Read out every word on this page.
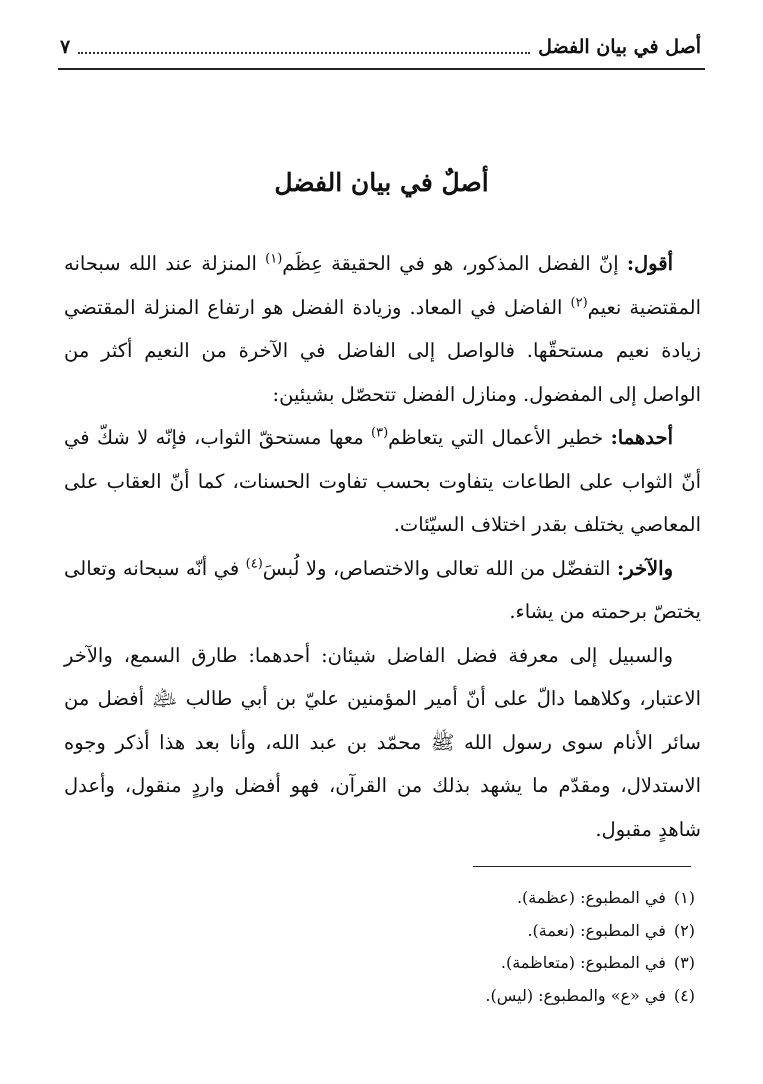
أصل في بيان الفضل
٧
أصلٌ في بيان الفضل

أقول: إنّ الفضل المذكور، هو في الحقيقة عِظَم$^{(١)}$ المنزلة عند الله سبحانه المقتضية نعيم$^{(٢)}$ الفاضل في المعاد. وزيادة الفضل هو ارتفاع المنزلة المقتضي زيادة نعيم مستحقّها. فالواصل إلى الفاضل في الآخرة من النعيم أكثر من الواصل إلى المفضول. ومنازل الفضل تتحصّل بشيئين:

أحدهما: خطير الأعمال التي يتعاظم$^{(٣)}$ معها مستحقّ الثواب، فإنّه لا شكّ في أنّ الثواب على الطاعات يتفاوت بحسب تفاوت الحسنات، كما أنّ العقاب على المعاصي يختلف بقدر اختلاف السيّئات.

والآخر: التفضّل من الله تعالى والاختصاص، ولا لُبسَ$^{(٤)}$ في أنّه سبحانه وتعالى يختصّ برحمته من يشاء.

والسبيل إلى معرفة فضل الفاضل شيئان: أحدهما: طارق السمع، والآخر الاعتبار، وكلاهما دالّ على أنّ أمير المؤمنين عليّ بن أبي طالب ﵇ أفضل من سائر الأنام سوى رسول الله ﷺ محمّد بن عبد الله، وأنا بعد هذا أذكر وجوه الاستدلال، ومقدّم ما يشهد بذلك من القرآن، فهو أفضل واردٍ منقول، وأعدل شاهدٍ مقبول.

(١)في المطبوع: (عظمة).
(٢)في المطبوع: (نعمة).
(٣)في المطبوع: (متعاظمة).
(٤)في «ع» والمطبوع: (ليس).
